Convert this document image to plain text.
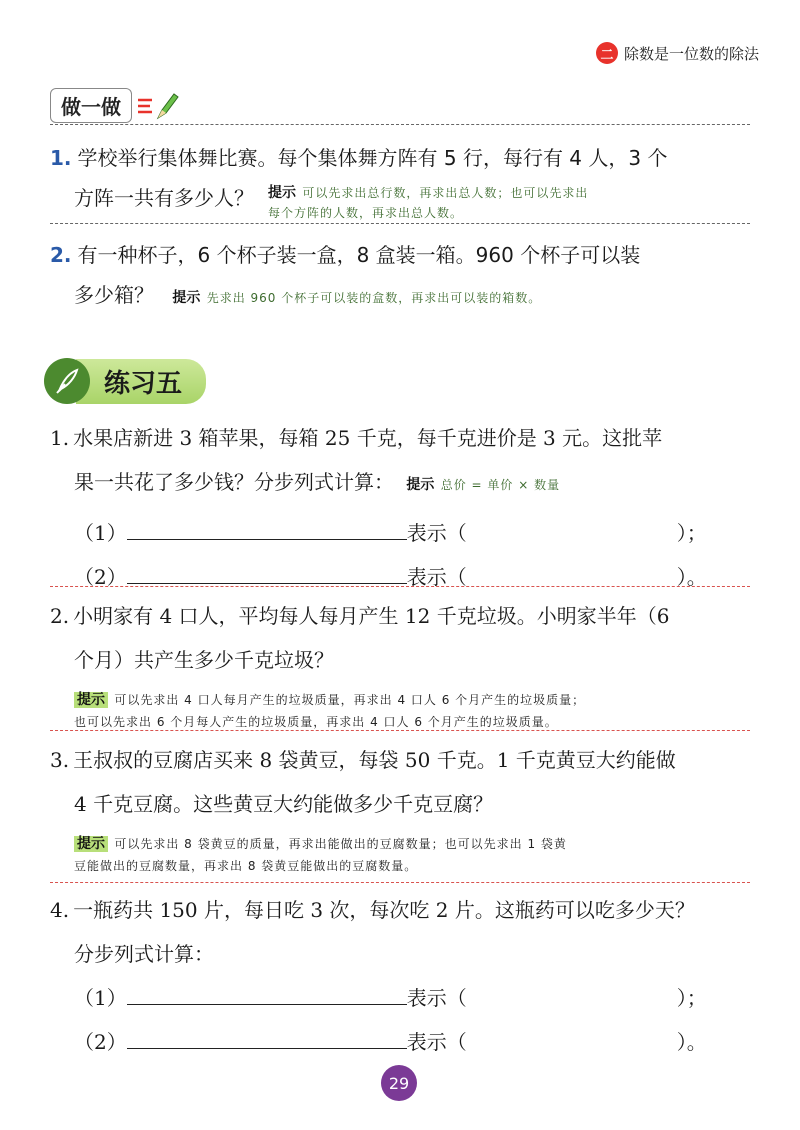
二 除数是一位数的除法
做一做
1. 学校举行集体舞比赛。每个集体舞方阵有 5 行，每行有 4 人，3 个
方阵一共有多少人？ 提示 可以先求出总行数，再求出总人数；也可以先求出
每个方阵的人数，再求出总人数。
2. 有一种杯子，6 个杯子装一盒，8 盒装一箱。960 个杯子可以装
多少箱？ 提示 先求出 960 个杯子可以装的盒数，再求出可以装的箱数。
练习五
1. 水果店新进 3 箱苹果，每箱 25 千克，每千克进价是 3 元。这批苹
果一共花了多少钱？分步列式计算： 提示 总价 = 单价 × 数量
（1）	表示（	）；
（2）	表示（	）。
2. 小明家有 4 口人，平均每人每月产生 12 千克垃圾。小明家半年（6
个月）共产生多少千克垃圾？
提示 可以先求出 4 口人每月产生的垃圾质量，再求出 4 口人 6 个月产生的垃圾质量；
也可以先求出 6 个月每人产生的垃圾质量，再求出 4 口人 6 个月产生的垃圾质量。
3. 王叔叔的豆腐店买来 8 袋黄豆，每袋 50 千克。1 千克黄豆大约能做
4 千克豆腐。这些黄豆大约能做多少千克豆腐？
提示 可以先求出 8 袋黄豆的质量，再求出能做出的豆腐数量；也可以先求出 1 袋黄
豆能做出的豆腐数量，再求出 8 袋黄豆能做出的豆腐数量。
4. 一瓶药共 150 片，每日吃 3 次，每次吃 2 片。这瓶药可以吃多少天？
分步列式计算：
（1）	表示（	）；
（2）	表示（	）。
29
